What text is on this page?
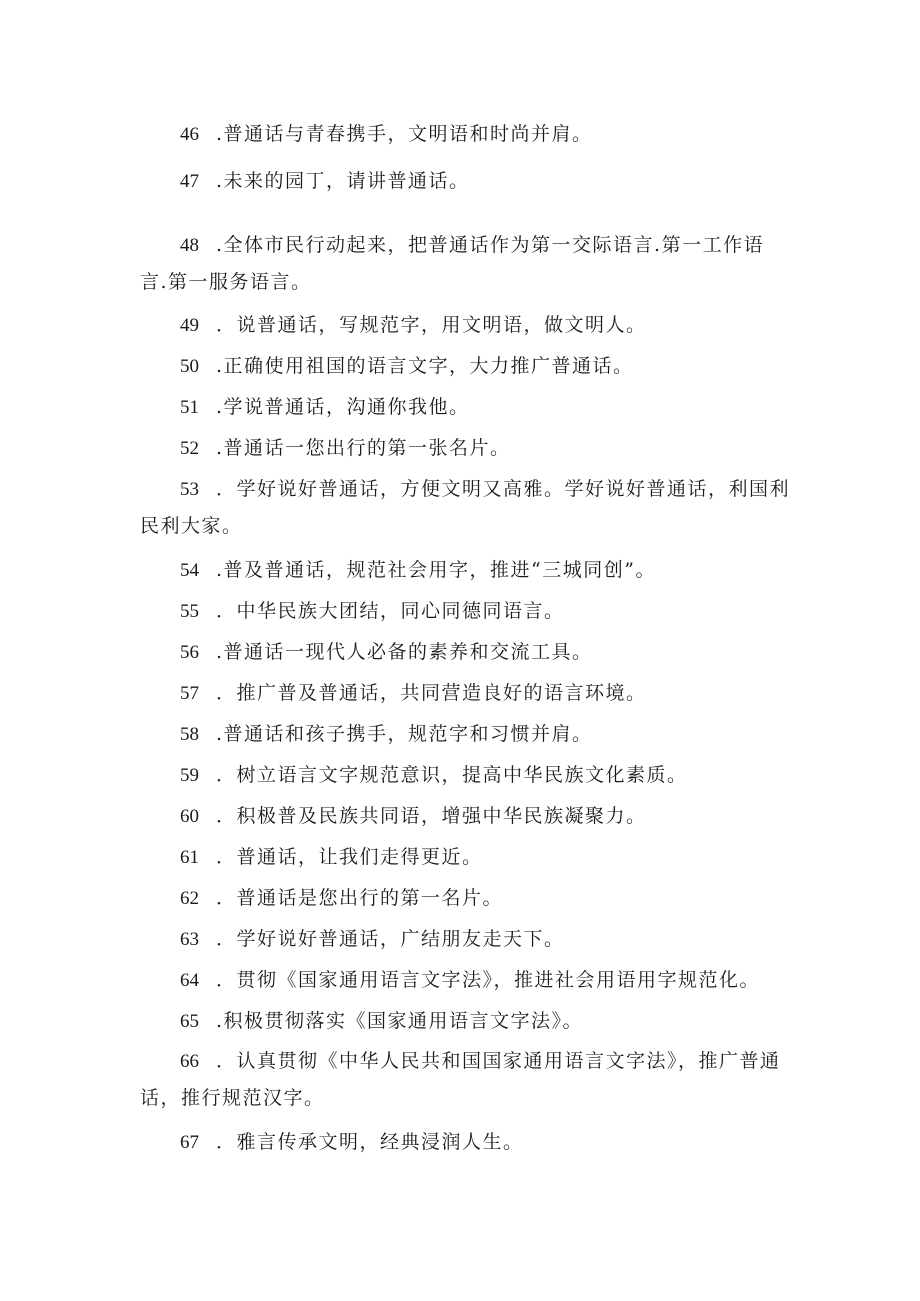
46 .普通话与青春携手，文明语和时尚并肩。
47 .未来的园丁，请讲普通话。
48 .全体市民行动起来，把普通话作为第一交际语言.第一工作语
言.第一服务语言。
49 ．说普通话，写规范字，用文明语，做文明人。
50 .正确使用祖国的语言文字，大力推广普通话。
51 .学说普通话，沟通你我他。
52 .普通话一您出行的第一张名片。
53 ．学好说好普通话，方便文明又高雅。学好说好普通话，利国利
民利大家。
54 .普及普通话，规范社会用字，推进“三城同创”。
55 ．中华民族大团结，同心同德同语言。
56 .普通话一现代人必备的素养和交流工具。
57 ．推广普及普通话，共同营造良好的语言环境。
58 .普通话和孩子携手，规范字和习惯并肩。
59 ．树立语言文字规范意识，提高中华民族文化素质。
60 ．积极普及民族共同语，增强中华民族凝聚力。
61 ．普通话，让我们走得更近。
62 ．普通话是您出行的第一名片。
63 ．学好说好普通话，广结朋友走天下。
64 ．贯彻《国家通用语言文字法》，推进社会用语用字规范化。
65 .积极贯彻落实《国家通用语言文字法》。
66 ．认真贯彻《中华人民共和国国家通用语言文字法》，推广普通
话，推行规范汉字。
67 ．雅言传承文明，经典浸润人生。
